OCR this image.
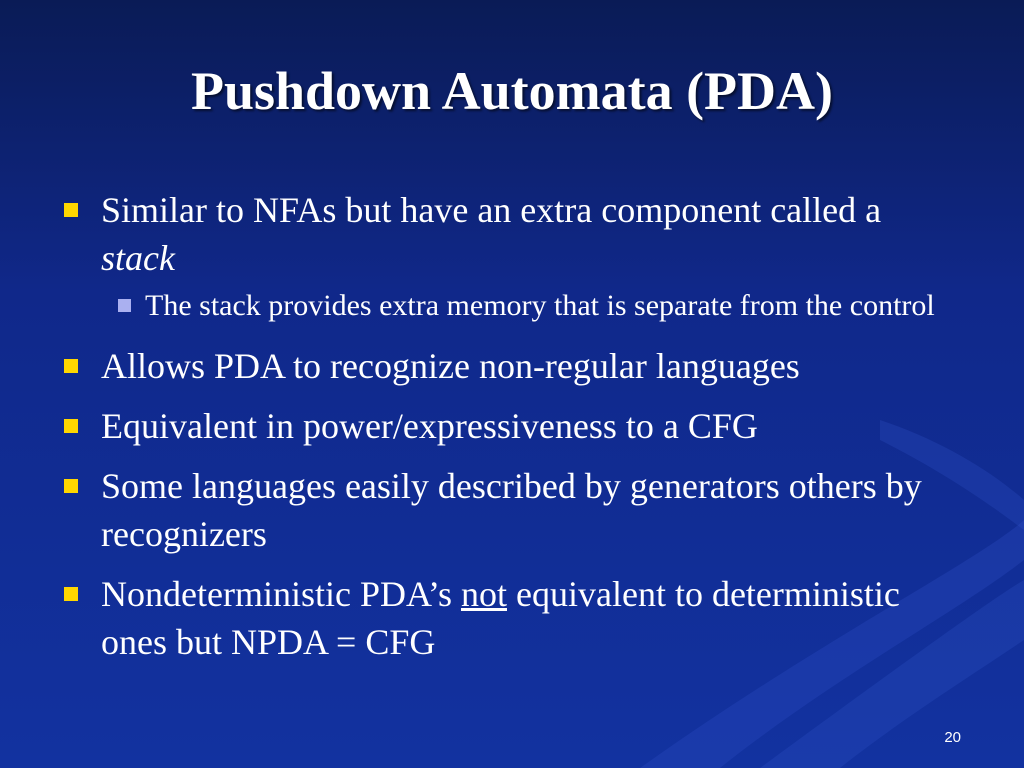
Pushdown Automata (PDA)
Similar to NFAs but have an extra component called a stack
The stack provides extra memory that is separate from the control
Allows PDA to recognize non-regular languages
Equivalent in power/expressiveness to a CFG
Some languages easily described by generators others by recognizers
Nondeterministic PDA’s not equivalent to deterministic ones but NPDA = CFG
20
